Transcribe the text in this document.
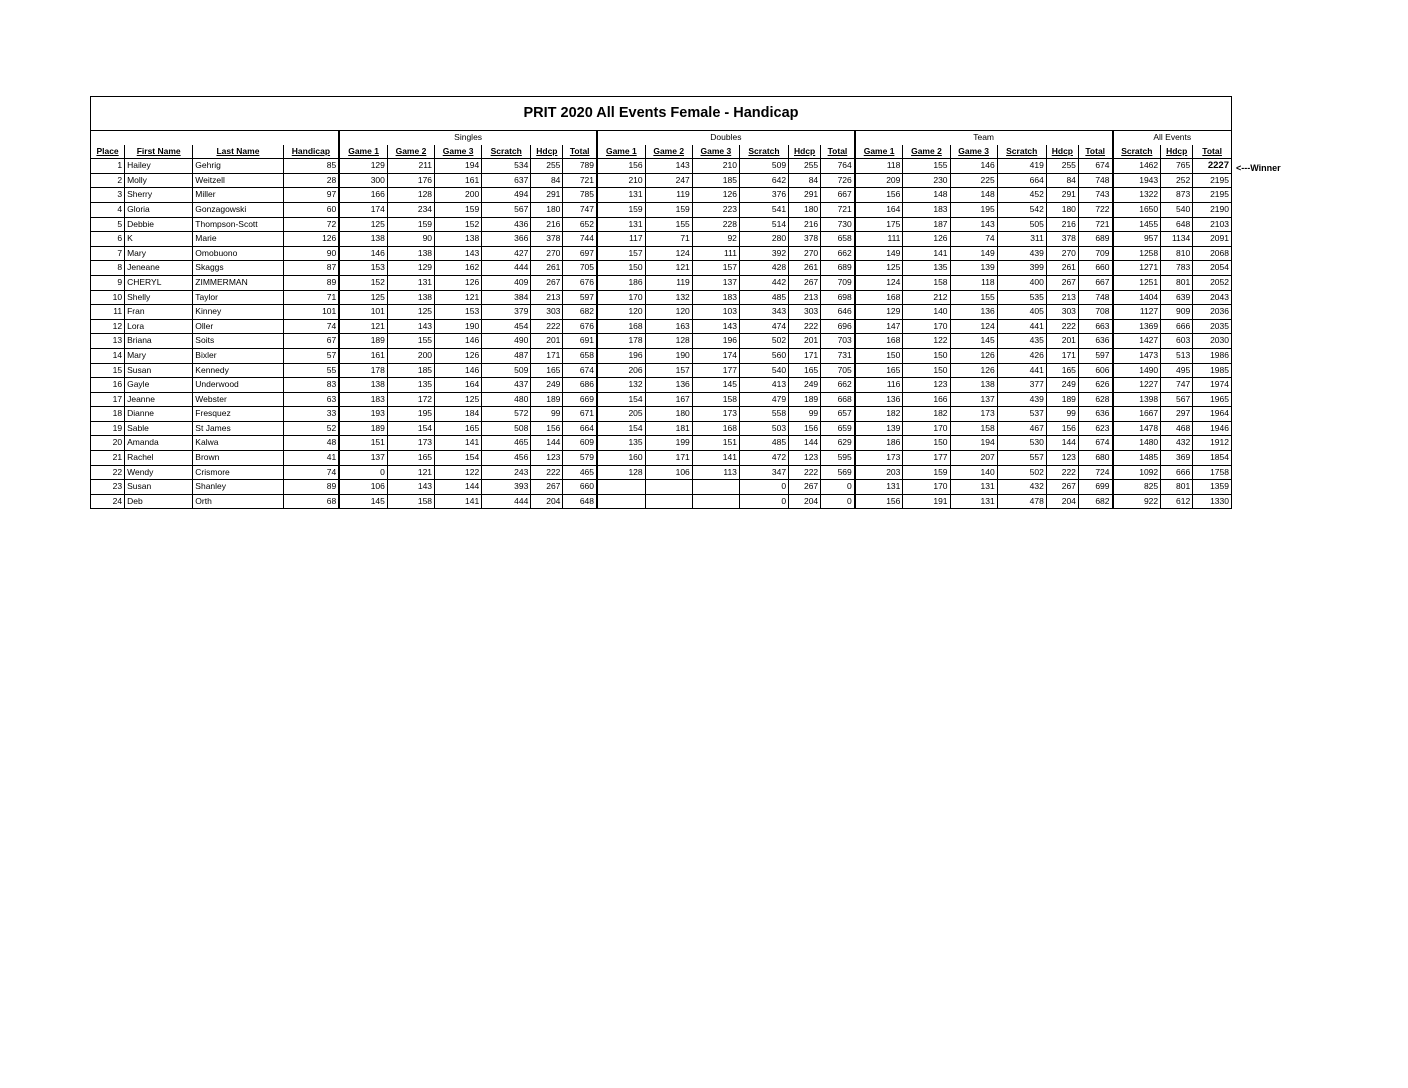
PRIT 2020 All Events Female - Handicap																								
				Singles						Doubles						Team						All Events		
Place	First Name	Last Name	Handicap	Game 1	Game 2	Game 3	Scratch	Hdcp	Total	Game 1	Game 2	Game 3	Scratch	Hdcp	Total	Game 1	Game 2	Game 3	Scratch	Hdcp	Total	Scratch	Hdcp	Total
1	Hailey	Gehrig	85	129	211	194	534	255	789	156	143	210	509	255	764	118	155	146	419	255	674	1462	765	2227
2	Molly	Weitzell	28	300	176	161	637	84	721	210	247	185	642	84	726	209	230	225	664	84	748	1943	252	2195
3	Sherry	Miller	97	166	128	200	494	291	785	131	119	126	376	291	667	156	148	148	452	291	743	1322	873	2195
4	Gloria	Gonzagowski	60	174	234	159	567	180	747	159	159	223	541	180	721	164	183	195	542	180	722	1650	540	2190
5	Debbie	Thompson-Scott	72	125	159	152	436	216	652	131	155	228	514	216	730	175	187	143	505	216	721	1455	648	2103
6	K	Marie	126	138	90	138	366	378	744	117	71	92	280	378	658	111	126	74	311	378	689	957	1134	2091
7	Mary	Omobuono	90	146	138	143	427	270	697	157	124	111	392	270	662	149	141	149	439	270	709	1258	810	2068
8	Jeneane	Skaggs	87	153	129	162	444	261	705	150	121	157	428	261	689	125	135	139	399	261	660	1271	783	2054
9	CHERYL	ZIMMERMAN	89	152	131	126	409	267	676	186	119	137	442	267	709	124	158	118	400	267	667	1251	801	2052
10	Shelly	Taylor	71	125	138	121	384	213	597	170	132	183	485	213	698	168	212	155	535	213	748	1404	639	2043
11	Fran	Kinney	101	101	125	153	379	303	682	120	120	103	343	303	646	129	140	136	405	303	708	1127	909	2036
12	Lora	Oller	74	121	143	190	454	222	676	168	163	143	474	222	696	147	170	124	441	222	663	1369	666	2035
13	Briana	Soits	67	189	155	146	490	201	691	178	128	196	502	201	703	168	122	145	435	201	636	1427	603	2030
14	Mary	Bixler	57	161	200	126	487	171	658	196	190	174	560	171	731	150	150	126	426	171	597	1473	513	1986
15	Susan	Kennedy	55	178	185	146	509	165	674	206	157	177	540	165	705	165	150	126	441	165	606	1490	495	1985
16	Gayle	Underwood	83	138	135	164	437	249	686	132	136	145	413	249	662	116	123	138	377	249	626	1227	747	1974
17	Jeanne	Webster	63	183	172	125	480	189	669	154	167	158	479	189	668	136	166	137	439	189	628	1398	567	1965
18	Dianne	Fresquez	33	193	195	184	572	99	671	205	180	173	558	99	657	182	182	173	537	99	636	1667	297	1964
19	Sable	St James	52	189	154	165	508	156	664	154	181	168	503	156	659	139	170	158	467	156	623	1478	468	1946
20	Amanda	Kalwa	48	151	173	141	465	144	609	135	199	151	485	144	629	186	150	194	530	144	674	1480	432	1912
21	Rachel	Brown	41	137	165	154	456	123	579	160	171	141	472	123	595	173	177	207	557	123	680	1485	369	1854
22	Wendy	Crismore	74	0	121	122	243	222	465	128	106	113	347	222	569	203	159	140	502	222	724	1092	666	1758
23	Susan	Shanley	89	106	143	144	393	267	660				0	267	0	131	170	131	432	267	699	825	801	1359
24	Deb	Orth	68	145	158	141	444	204	648				0	204	0	156	191	131	478	204	682	922	612	1330
<---Winner
